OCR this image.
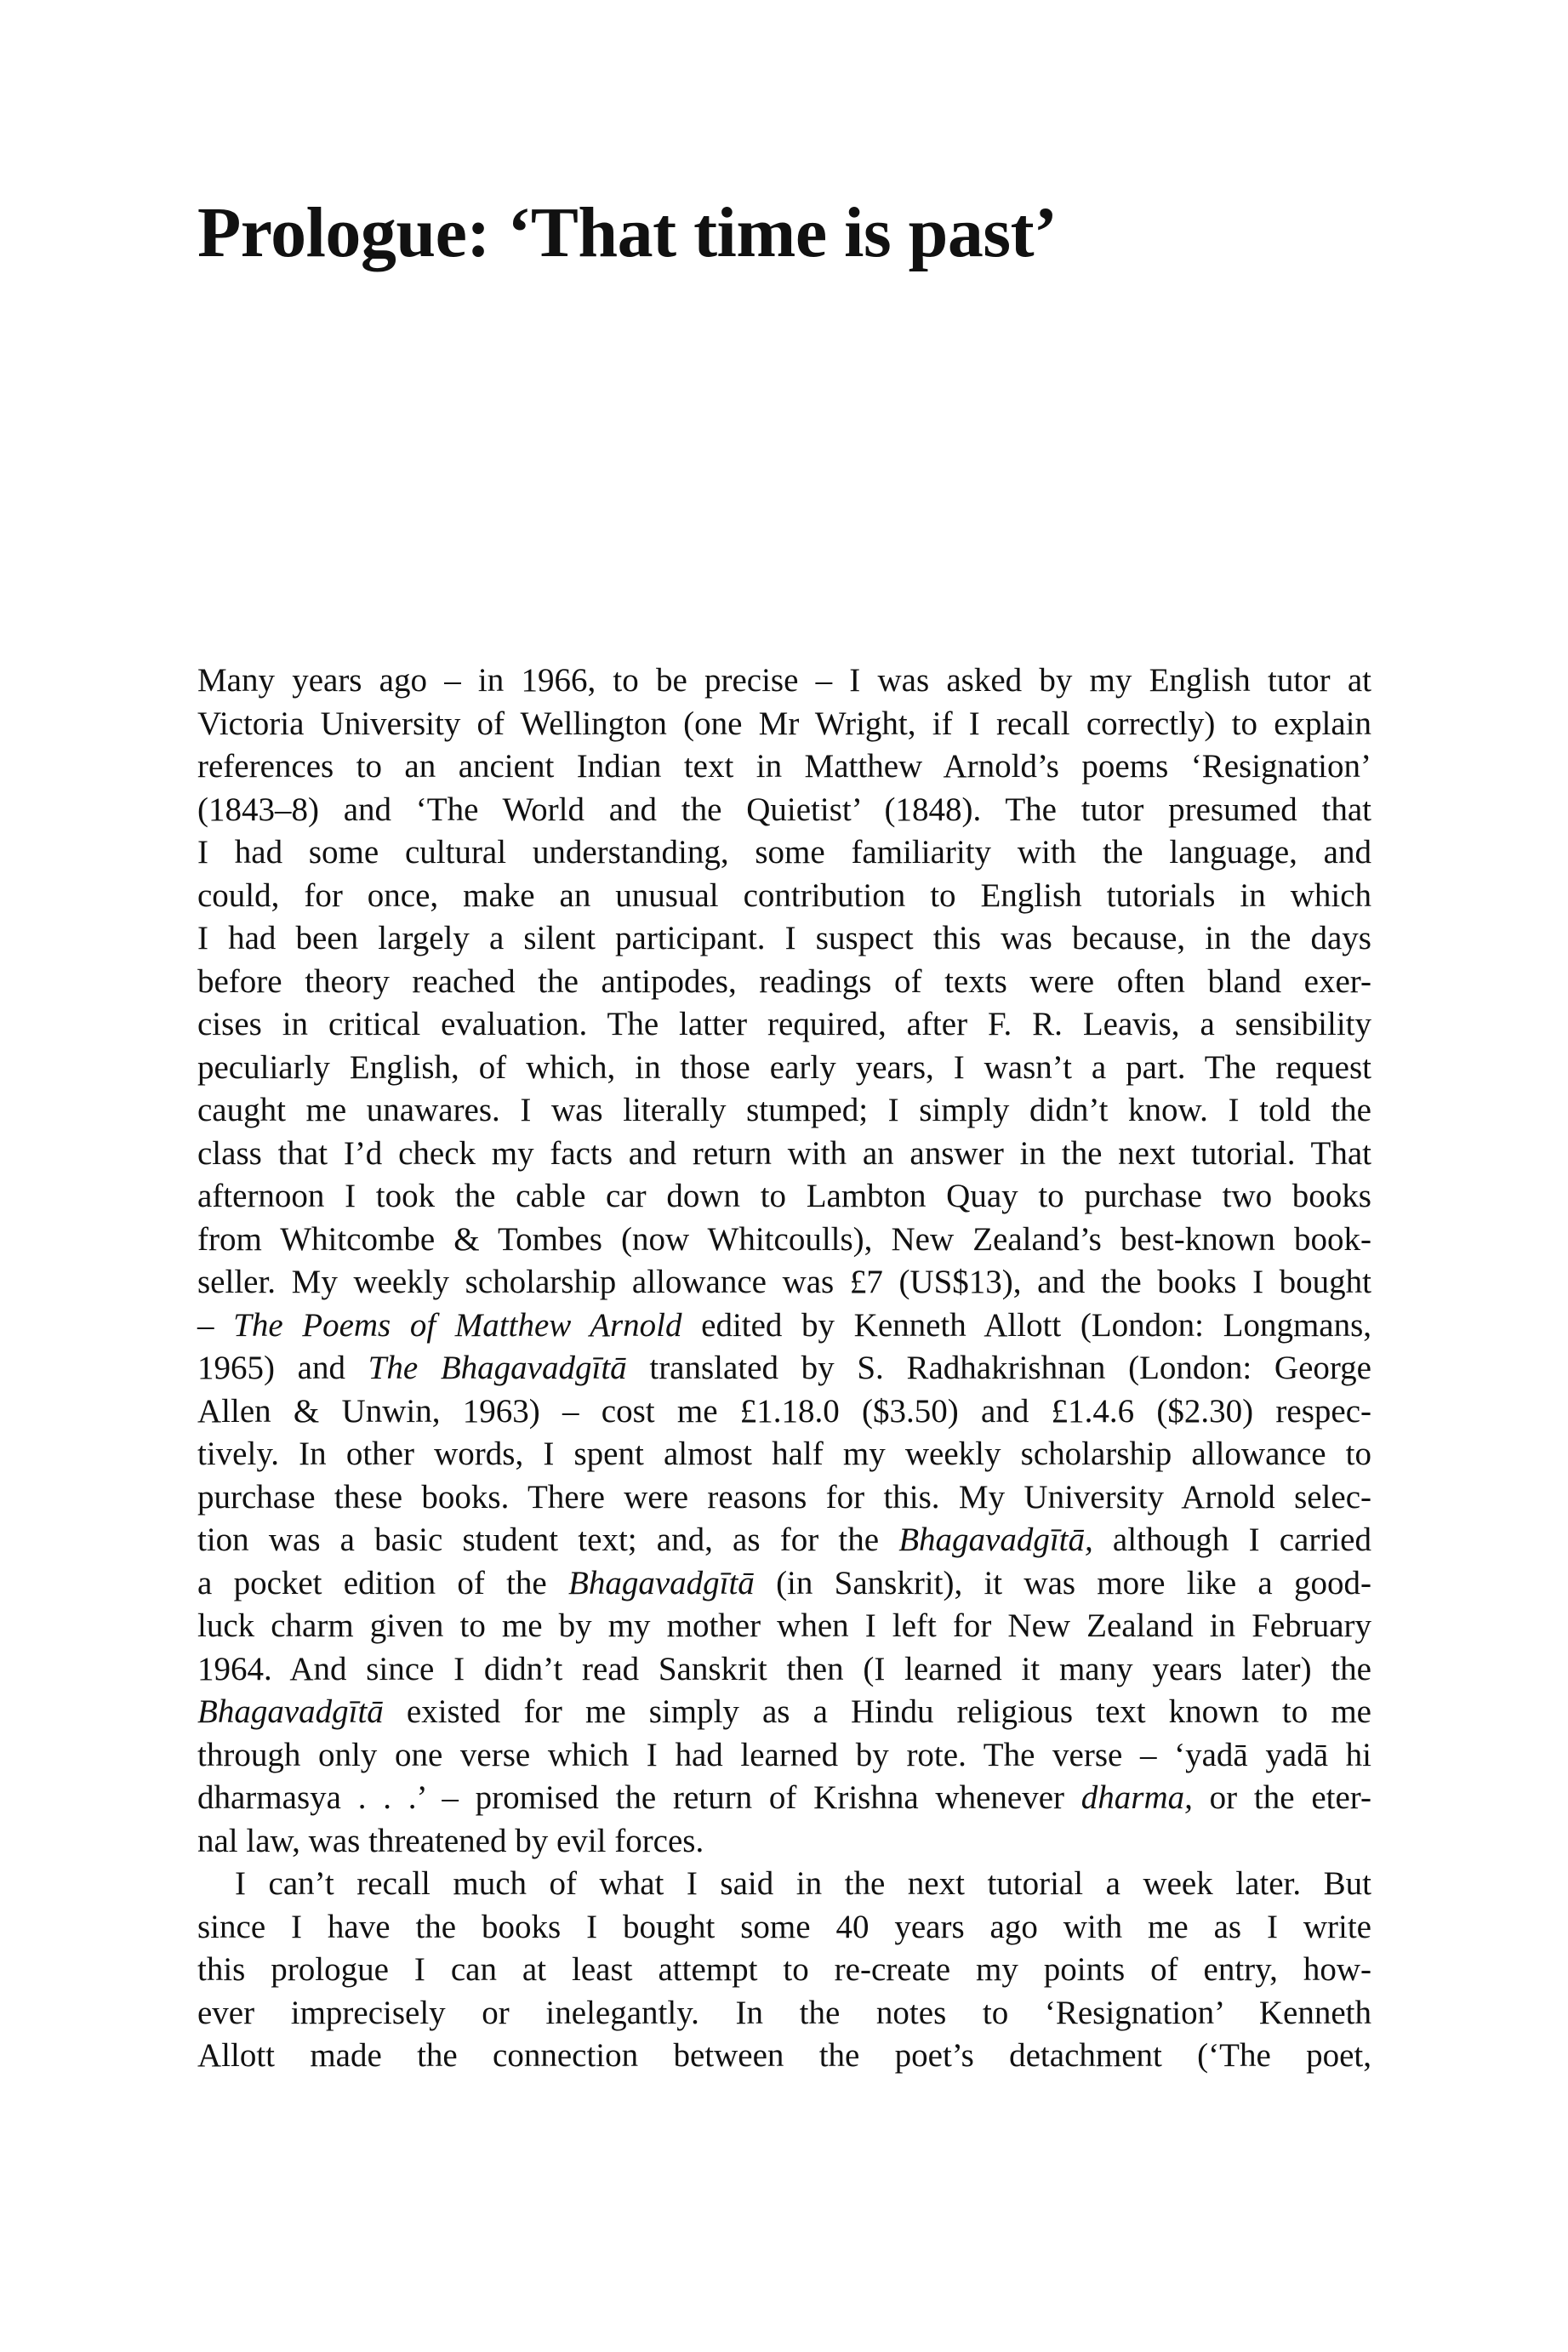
Prologue: ‘That time is past’

Many years ago – in 1966, to be precise – I was asked by my English tutor at
Victoria University of Wellington (one Mr Wright, if I recall correctly) to explain
references to an ancient Indian text in Matthew Arnold’s poems ‘Resignation’
(1843–8) and ‘The World and the Quietist’ (1848). The tutor presumed that
I had some cultural understanding, some familiarity with the language, and
could, for once, make an unusual contribution to English tutorials in which
I had been largely a silent participant. I suspect this was because, in the days
before theory reached the antipodes, readings of texts were often bland exer-
cises in critical evaluation. The latter required, after F. R. Leavis, a sensibility
peculiarly English, of which, in those early years, I wasn’t a part. The request
caught me unawares. I was literally stumped; I simply didn’t know. I told the
class that I’d check my facts and return with an answer in the next tutorial. That
afternoon I took the cable car down to Lambton Quay to purchase two books
from Whitcombe & Tombes (now Whitcoulls), New Zealand’s best-known book-
seller. My weekly scholarship allowance was £7 (US$13), and the books I bought
– The Poems of Matthew Arnold edited by Kenneth Allott (London: Longmans,
1965) and The Bhagavadgītā translated by S. Radhakrishnan (London: George
Allen & Unwin, 1963) – cost me £1.18.0 ($3.50) and £1.4.6 ($2.30) respec-
tively. In other words, I spent almost half my weekly scholarship allowance to
purchase these books. There were reasons for this. My University Arnold selec-
tion was a basic student text; and, as for the Bhagavadgītā, although I carried
a pocket edition of the Bhagavadgītā (in Sanskrit), it was more like a good-
luck charm given to me by my mother when I left for New Zealand in February
1964. And since I didn’t read Sanskrit then (I learned it many years later) the
Bhagavadgītā existed for me simply as a Hindu religious text known to me
through only one verse which I had learned by rote. The verse – ‘yadā yadā hi
dharmasya . . .’ – promised the return of Krishna whenever dharma, or the eter-
nal law, was threatened by evil forces.

I can’t recall much of what I said in the next tutorial a week later. But
since I have the books I bought some 40 years ago with me as I write
this prologue I can at least attempt to re-create my points of entry, how-
ever imprecisely or inelegantly. In the notes to ‘Resignation’ Kenneth
Allott made the connection between the poet’s detachment (‘The poet,
